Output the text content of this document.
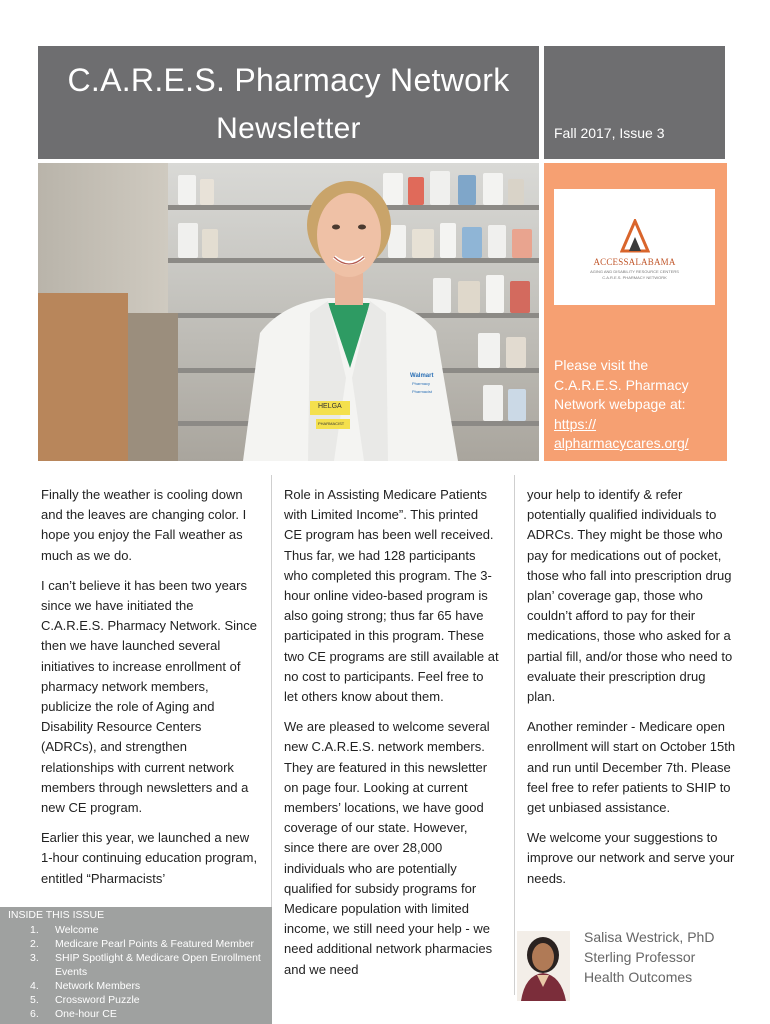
C.A.R.E.S. Pharmacy Network
Newsletter	Fall 2017, Issue 3
HELGA
PHARMACIST
Walmart
Pharmacy
Pharmacist
ACCESSALABAMA
AGING AND DISABILITY RESOURCE CENTERS
C.A.R.E.S. PHARMACY NETWORK
Please visit the C.A.R.E.S. Pharmacy Network webpage at:
https://
alpharmacycares.org/

Finally the weather is cooling down and the leaves are changing color. I hope you enjoy the Fall weather as much as we do.

I can’t believe it has been two years since we have initiated the C.A.R.E.S. Pharmacy Network. Since then we have launched several initiatives to increase enrollment of pharmacy network members, publicize the role of Aging and Disability Resource Centers (ADRCs), and strengthen relationships with current network members through newsletters and a new CE program.

Earlier this year, we launched a new 1-hour continuing education program, entitled “Pharmacists’

Role in Assisting Medicare Patients with Limited Income”. This printed CE program has been well received. Thus far, we had 128 participants who completed this program. The 3-hour online video-based program is also going strong; thus far 65 have participated in this program. These two CE programs are still available at no cost to participants. Feel free to let others know about them.

We are pleased to welcome several new C.A.R.E.S. network members. They are featured in this newsletter on page four. Looking at current members’ locations, we have good coverage of our state. However, since there are over 28,000 individuals who are potentially qualified for subsidy programs for Medicare population with limited income, we still need your help - we need additional network pharmacies and we need

your help to identify & refer potentially qualified individuals to ADRCs. They might be those who pay for medications out of pocket, those who fall into prescription drug plan’ coverage gap, those who couldn’t afford to pay for their medications, those who asked for a partial fill, and/or those who need to evaluate their prescription drug plan.

Another reminder - Medicare open enrollment will start on October 15th and run until December 7th. Please feel free to refer patients to SHIP to get unbiased assistance.

We welcome your suggestions to improve our network and serve your needs.

INSIDE THIS ISSUE
1.	Welcome
2.	Medicare Pearl Points & Featured Member
3.	SHIP Spotlight & Medicare Open Enrollment Events
4.	Network Members
5.	Crossword Puzzle
6.	One-hour CE
Salisa Westrick, PhD
Sterling Professor
Health Outcomes
